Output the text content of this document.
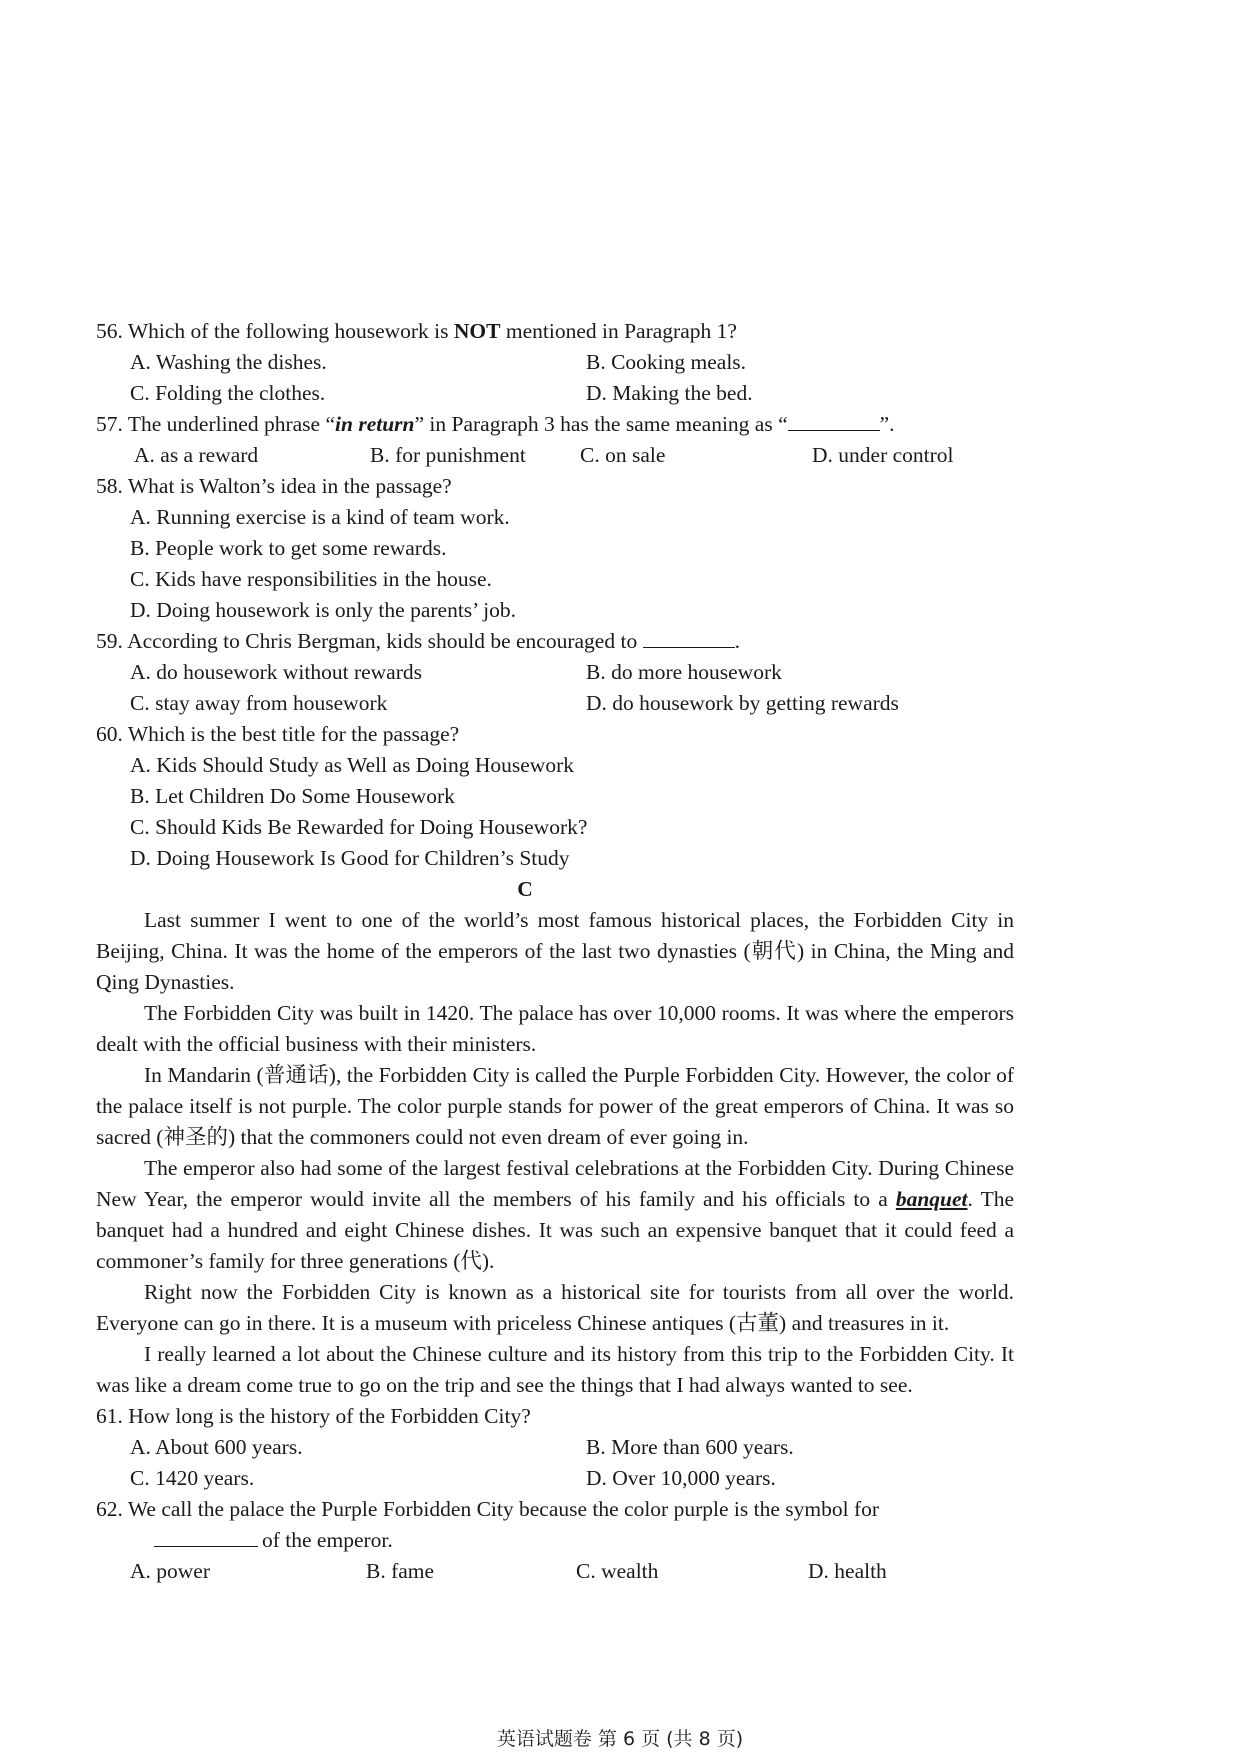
56. Which of the following housework is NOT mentioned in Paragraph 1?

A. Washing the dishes.	B. Cooking meals.
C. Folding the clothes.	D. Making the bed.

57. The underlined phrase “in return” in Paragraph 3 has the same meaning as “	”.

A. as a reward	B. for punishment	C. on sale	D. under control

58. What is Walton’s idea in the passage?

A. Running exercise is a kind of team work.
B. People work to get some rewards.
C. Kids have responsibilities in the house.
D. Doing housework is only the parents’ job.

59. According to Chris Bergman, kids should be encouraged to	.

A. do housework without rewards	B. do more housework
C. stay away from housework	D. do housework by getting rewards

60. Which is the best title for the passage?

A. Kids Should Study as Well as Doing Housework
B. Let Children Do Some Housework
C. Should Kids Be Rewarded for Doing Housework?
D. Doing Housework Is Good for Children’s Study

C

Last summer I went to one of the world’s most famous historical places, the Forbidden City in Beijing, China. It was the home of the emperors of the last two dynasties (朝代) in China, the Ming and Qing Dynasties.

The Forbidden City was built in 1420. The palace has over 10,000 rooms. It was where the emperors dealt with the official business with their ministers.

In Mandarin (普通话), the Forbidden City is called the Purple Forbidden City. However, the color of the palace itself is not purple. The color purple stands for power of the great emperors of China. It was so sacred (神圣的) that the commoners could not even dream of ever going in.

The emperor also had some of the largest festival celebrations at the Forbidden City. During Chinese New Year, the emperor would invite all the members of his family and his officials to a banquet. The banquet had a hundred and eight Chinese dishes. It was such an expensive banquet that it could feed a commoner’s family for three generations (代).

Right now the Forbidden City is known as a historical site for tourists from all over the world. Everyone can go in there. It is a museum with priceless Chinese antiques (古董) and treasures in it.

I really learned a lot about the Chinese culture and its history from this trip to the Forbidden City. It was like a dream come true to go on the trip and see the things that I had always wanted to see.

61. How long is the history of the Forbidden City?

A. About 600 years.	B. More than 600 years.
C. 1420 years.	D. Over 10,000 years.

62. We call the palace the Purple Forbidden City because the color purple is the symbol for

of the emperor.

A. power	B. fame	C. wealth	D. health
英语试题卷 第 6 页 (共 8 页)
